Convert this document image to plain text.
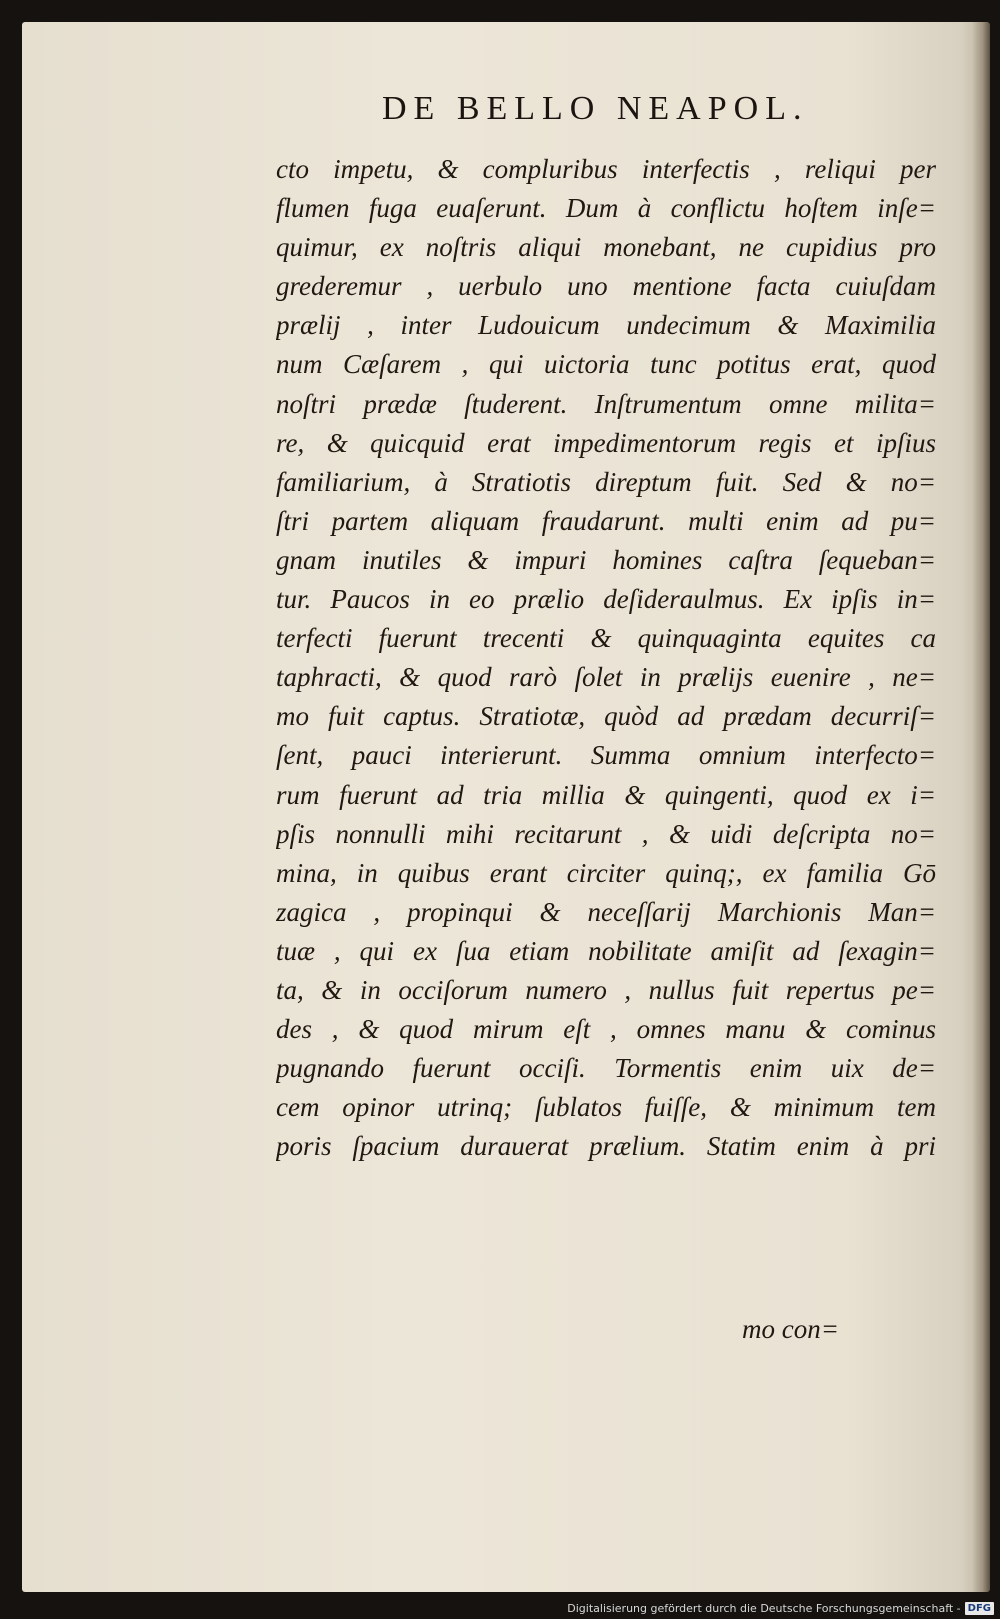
DE BELLO NEAPOL.
cto impetu, & compluribus interfectis , reliqui per
flumen fuga euaſerunt. Dum à conflictu hoſtem inſe=
quimur, ex noſtris aliqui monebant, ne cupidius pro
grederemur , uerbulo uno mentione facta cuiuſdam
prælij , inter Ludouicum undecimum & Maximilia
num Cæſarem , qui uictoria tunc potitus erat, quod
noſtri prædæ ſtuderent. Inſtrumentum omne milita=
re, & quicquid erat impedimentorum regis et ipſius
familiarium, à Stratiotis direptum fuit. Sed & no=
ſtri partem aliquam fraudarunt. multi enim ad pu=
gnam inutiles & impuri homines caſtra ſequeban=
tur. Paucos in eo prælio deſideraulmus. Ex ipſis in=
terfecti fuerunt trecenti & quinquaginta equites ca
taphracti, & quod rarò ſolet in prælijs euenire , ne=
mo fuit captus. Stratiotæ, quòd ad prædam decurriſ=
ſent, pauci interierunt. Summa omnium interfecto=
rum fuerunt ad tria millia & quingenti, quod ex i=
pſis nonnulli mihi recitarunt , & uidi deſcripta no=
mina, in quibus erant circiter quinq;, ex familia Gō
zagica , propinqui & neceſſarij Marchionis Man=
tuæ , qui ex ſua etiam nobilitate amiſit ad ſexagin=
ta, & in occiſorum numero , nullus fuit repertus pe=
des , & quod mirum eſt , omnes manu & cominus
pugnando fuerunt occiſi. Tormentis enim uix de=
cem opinor utrinq; ſublatos fuiſſe, & minimum tem
poris ſpacium durauerat prælium. Statim enim à pri
mo con=
Digitalisierung gefördert durch die Deutsche Forschungsgemeinschaft - DFG
